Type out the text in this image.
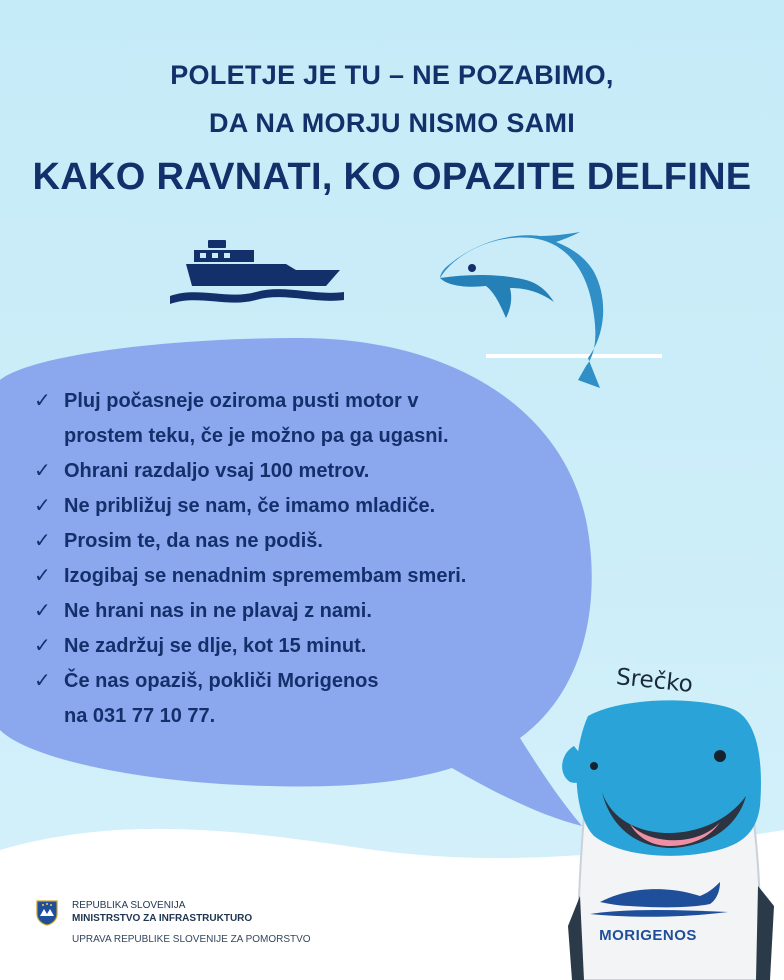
POLETJE JE TU – NE POZABIMO,
DA NA MORJU NISMO SAMI
KAKO RAVNATI, KO OPAZITE DELFINE
✓ Pluj počasneje oziroma pusti motor v
prostem teku, če je možno pa ga ugasni.
✓ Ohrani razdaljo vsaj 100 metrov.
✓ Ne približuj se nam, če imamo mladiče.
✓ Prosim te, da nas ne podiš.
✓ Izogibaj se nenadnim spremembam smeri.
✓ Ne hrani nas in ne plavaj z nami.
✓ Ne zadržuj se dlje, kot 15 minut.
✓ Če nas opaziš, pokliči Morigenos
na 031 77 10 77.
Srečko
MORIGENOS
REPUBLIKA SLOVENIJA
MINISTRSTVO ZA INFRASTRUKTURO
UPRAVA REPUBLIKE SLOVENIJE ZA POMORSTVO
